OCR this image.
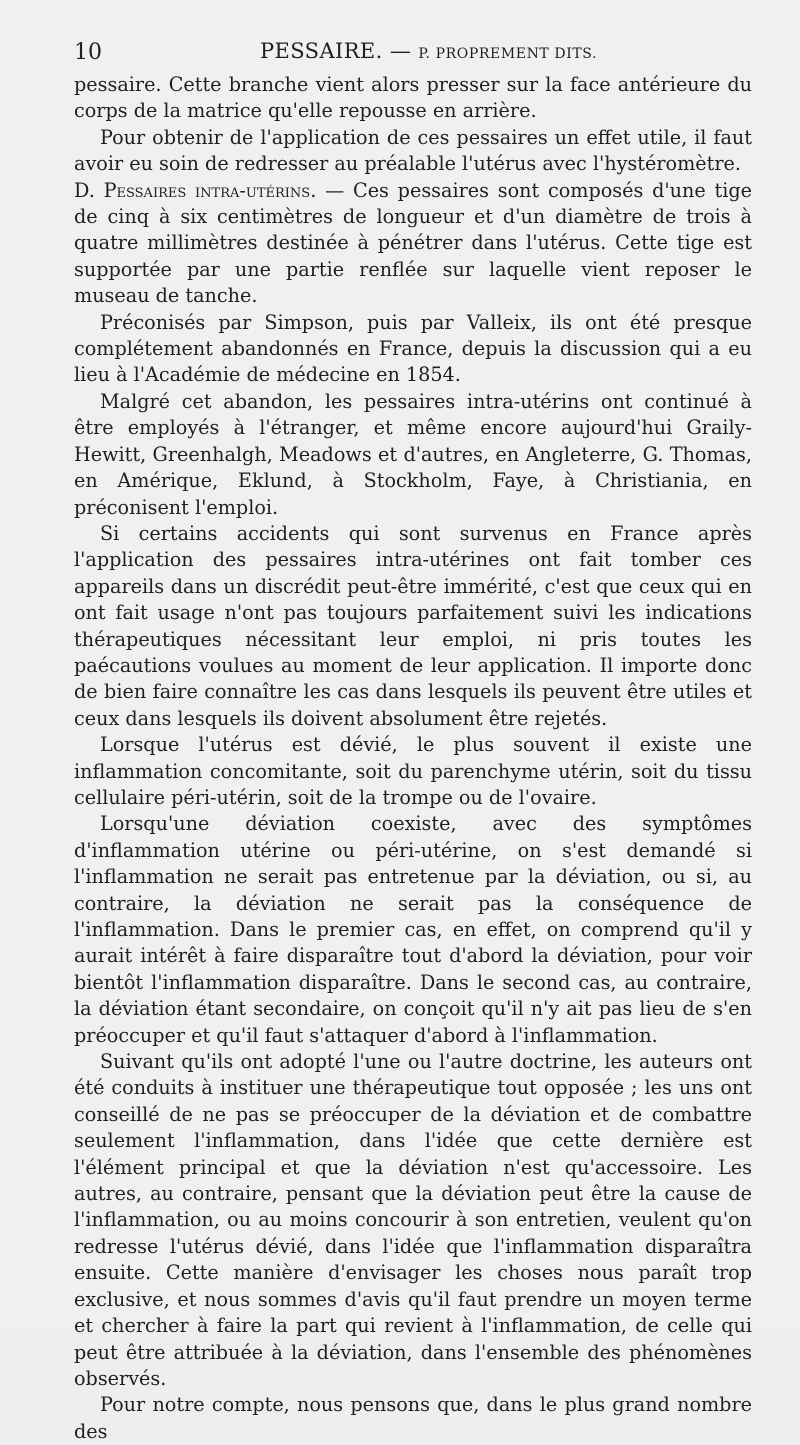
10	PESSAIRE. — P. PROPREMENT DITS.

pessaire. Cette branche vient alors presser sur la face antérieure du corps de la matrice qu'elle repousse en arrière.

Pour obtenir de l'application de ces pessaires un effet utile, il faut avoir eu soin de redresser au préalable l'utérus avec l'hystéromètre.

D. Pessaires intra-utérins. — Ces pessaires sont composés d'une tige de cinq à six centimètres de longueur et d'un diamètre de trois à quatre millimètres destinée à pénétrer dans l'utérus. Cette tige est supportée par une partie renflée sur laquelle vient reposer le museau de tanche.

Préconisés par Simpson, puis par Valleix, ils ont été presque complétement abandonnés en France, depuis la discussion qui a eu lieu à l'Académie de médecine en 1854.

Malgré cet abandon, les pessaires intra-utérins ont continué à être employés à l'étranger, et même encore aujourd'hui Graily-Hewitt, Greenhalgh, Meadows et d'autres, en Angleterre, G. Thomas, en Amérique, Eklund, à Stockholm, Faye, à Christiania, en préconisent l'emploi.

Si certains accidents qui sont survenus en France après l'application des pessaires intra-utérines ont fait tomber ces appareils dans un discrédit peut-être immérité, c'est que ceux qui en ont fait usage n'ont pas toujours parfaitement suivi les indications thérapeutiques nécessitant leur emploi, ni pris toutes les paécautions voulues au moment de leur application. Il importe donc de bien faire connaître les cas dans lesquels ils peuvent être utiles et ceux dans lesquels ils doivent absolument être rejetés.

Lorsque l'utérus est dévié, le plus souvent il existe une inflammation concomitante, soit du parenchyme utérin, soit du tissu cellulaire péri-utérin, soit de la trompe ou de l'ovaire.

Lorsqu'une déviation coexiste, avec des symptômes d'inflammation utérine ou péri-utérine, on s'est demandé si l'inflammation ne serait pas entretenue par la déviation, ou si, au contraire, la déviation ne serait pas la conséquence de l'inflammation. Dans le premier cas, en effet, on comprend qu'il y aurait intérêt à faire disparaître tout d'abord la déviation, pour voir bientôt l'inflammation disparaître. Dans le second cas, au contraire, la déviation étant secondaire, on conçoit qu'il n'y ait pas lieu de s'en préoccuper et qu'il faut s'attaquer d'abord à l'inflammation.

Suivant qu'ils ont adopté l'une ou l'autre doctrine, les auteurs ont été conduits à instituer une thérapeutique tout opposée ; les uns ont conseillé de ne pas se préoccuper de la déviation et de combattre seulement l'inflammation, dans l'idée que cette dernière est l'élément principal et que la déviation n'est qu'accessoire. Les autres, au contraire, pensant que la déviation peut être la cause de l'inflammation, ou au moins concourir à son entretien, veulent qu'on redresse l'utérus dévié, dans l'idée que l'inflammation disparaîtra ensuite. Cette manière d'envisager les choses nous paraît trop exclusive, et nous sommes d'avis qu'il faut prendre un moyen terme et chercher à faire la part qui revient à l'inflammation, de celle qui peut être attribuée à la déviation, dans l'ensemble des phénomènes observés.

Pour notre compte, nous pensons que, dans le plus grand nombre des
